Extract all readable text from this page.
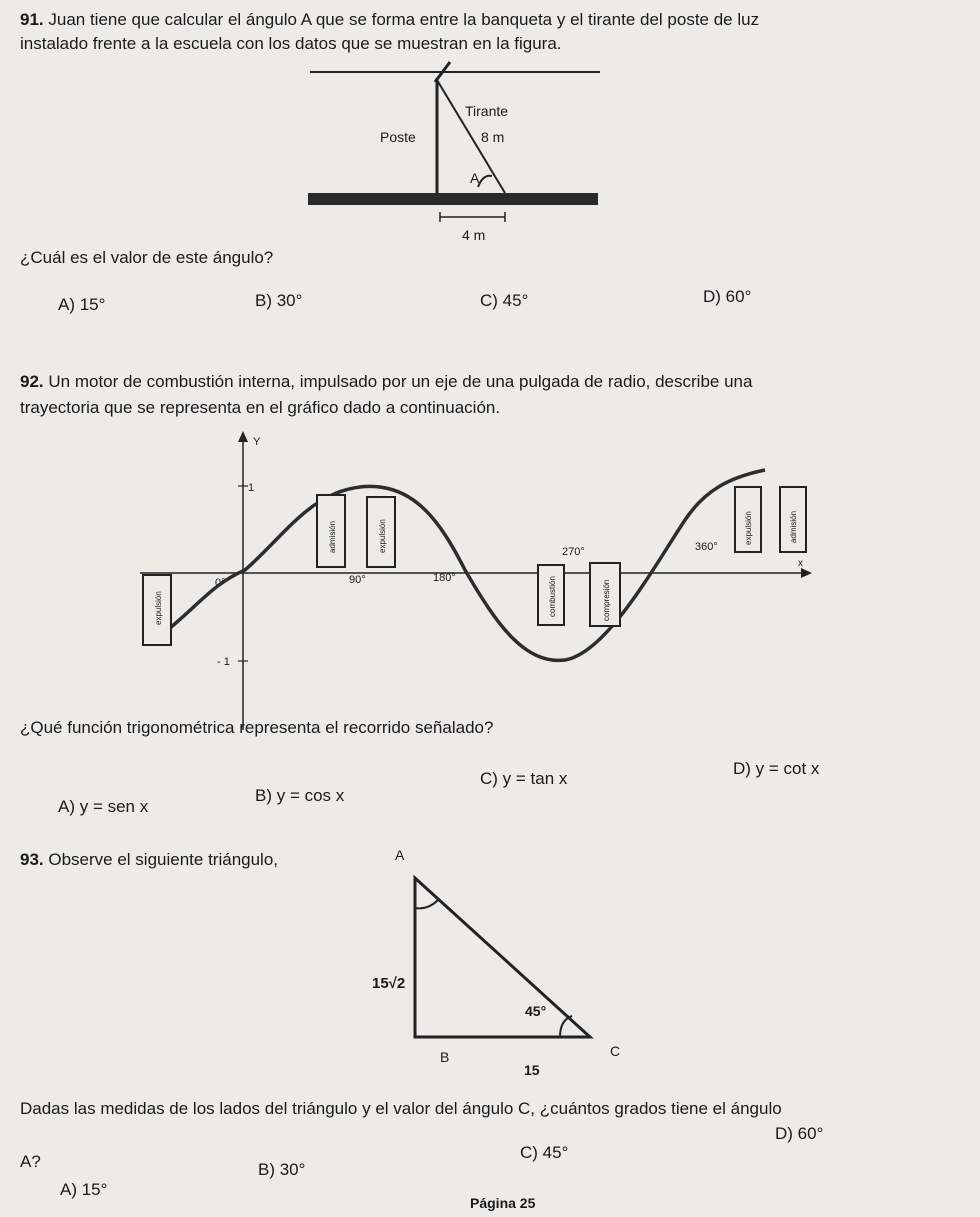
91. Juan tiene que calcular el ángulo A que se forma entre la banqueta y el tirante del poste de luz
instalado frente a la escuela con los datos que se muestran en la figura.
Tirante
Poste	8 m
A
4 m
¿Cuál es el valor de este ángulo?
A) 15°	B) 30°	C) 45°	D) 60°
92. Un motor de combustión interna, impulsado por un eje de una pulgada de radio, describe una
trayectoria que se representa en el gráfico dado a continuación.
Y
x
1
- 1
0°	90°	180°
270°	360°
expulsión
admisión	expulsión
combustión	compresión
expulsión	admisión
¿Qué función trigonométrica representa el recorrido señalado?
A) y = sen x
B) y = cos x
C) y = tan x
D) y = cot x
93. Observe el siguiente triángulo,	A
B	C
15√2
15
45°
Dadas las medidas de los lados del triángulo y el valor del ángulo C, ¿cuántos grados tiene el ángulo
A?
A) 15°
B) 30°
C) 45°
D) 60°
Página 25
